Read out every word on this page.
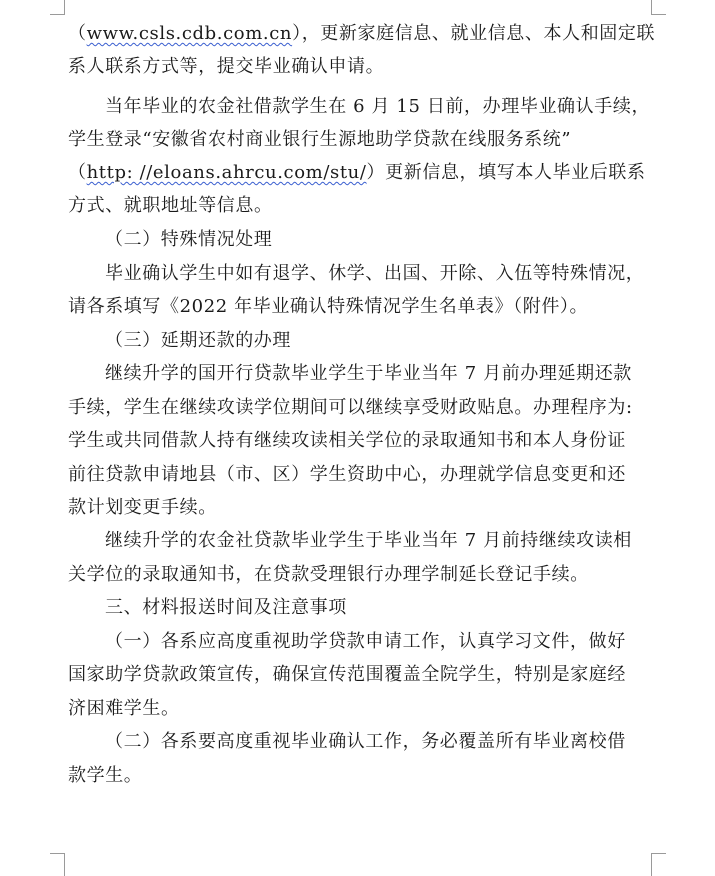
（www.csls.cdb.com.cn），更新家庭信息、就业信息、本人和固定联
系人联系方式等，提交毕业确认申请。
当年毕业的农金社借款学生在 6 月 15 日前，办理毕业确认手续，
学生登录“安徽省农村商业银行生源地助学贷款在线服务系统”
（http: //eloans.ahrcu.com/stu/）更新信息，填写本人毕业后联系
方式、就职地址等信息。
（二）特殊情况处理
毕业确认学生中如有退学、休学、出国、开除、入伍等特殊情况，
请各系填写《2022 年毕业确认特殊情况学生名单表》（附件）。
（三）延期还款的办理
继续升学的国开行贷款毕业学生于毕业当年 7 月前办理延期还款
手续，学生在继续攻读学位期间可以继续享受财政贴息。办理程序为:
学生或共同借款人持有继续攻读相关学位的录取通知书和本人身份证
前往贷款申请地县（市、区）学生资助中心，办理就学信息变更和还
款计划变更手续。
继续升学的农金社贷款毕业学生于毕业当年 7 月前持继续攻读相
关学位的录取通知书，在贷款受理银行办理学制延长登记手续。
三、材料报送时间及注意事项
（一）各系应高度重视助学贷款申请工作，认真学习文件，做好
国家助学贷款政策宣传，确保宣传范围覆盖全院学生，特别是家庭经
济困难学生。
（二）各系要高度重视毕业确认工作，务必覆盖所有毕业离校借
款学生。
